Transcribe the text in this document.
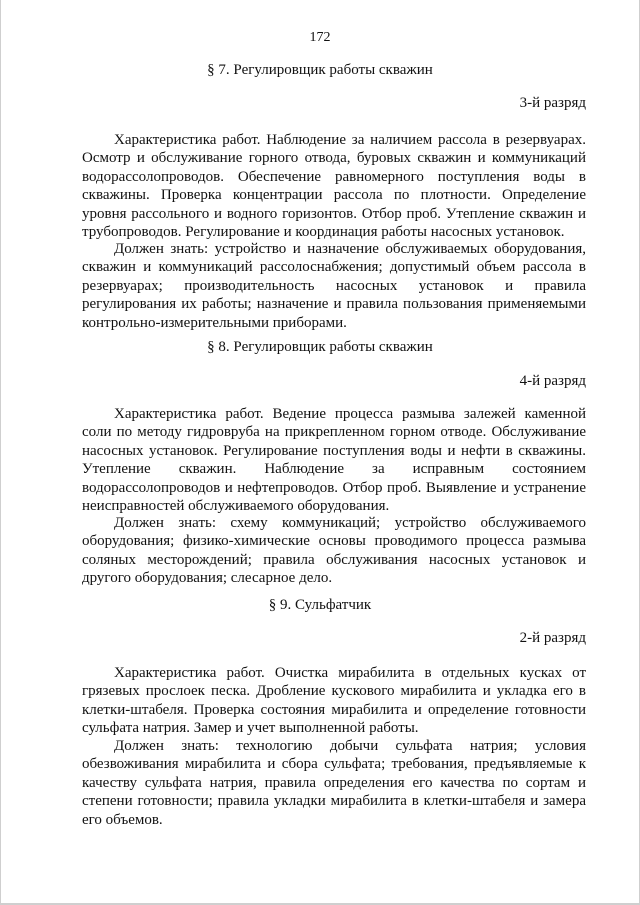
172
§ 7. Регулировщик работы скважин
3-й разряд

Характеристика работ. Наблюдение за наличием рассола в резервуарах. Осмотр и обслуживание горного отвода, буровых скважин и коммуникаций водорассолопроводов. Обеспечение равномерного поступления воды в скважины. Проверка концентрации рассола по плотности. Определение уровня рассольного и водного горизонтов. Отбор проб. Утепление скважин и трубопроводов. Регулирование и координация работы насосных установок.

Должен знать: устройство и назначение обслуживаемых оборудования, скважин и коммуникаций рассолоснабжения; допустимый объем рассола в резервуарах; производительность насосных установок и правила регулирования их работы; назначение и правила пользования применяемыми контрольно-измерительными приборами.

§ 8. Регулировщик работы скважин
4-й разряд

Характеристика работ. Ведение процесса размыва залежей каменной соли по методу гидроврубa на прикрепленном горном отводе. Обслуживание насосных установок. Регулирование поступления воды и нефти в скважины. Утепление скважин. Наблюдение за исправным состоянием водорассолопроводов и нефтепроводов. Отбор проб. Выявление и устранение неисправностей обслуживаемого оборудования.

Должен знать: схему коммуникаций; устройство обслуживаемого оборудования; физико-химические основы проводимого процесса размыва соляных месторождений; правила обслуживания насосных установок и другого оборудования; слесарное дело.

§ 9. Сульфатчик
2-й разряд

Характеристика работ. Очистка мирабилита в отдельных кусках от грязевых прослоек песка. Дробление кускового мирабилита и укладка его в клетки-штабеля. Проверка состояния мирабилита и определение готовности сульфата натрия. Замер и учет выполненной работы.

Должен знать: технологию добычи сульфата натрия; условия обезвоживания мирабилита и сбора сульфата; требования, предъявляемые к качеству сульфата натрия, правила определения его качества по сортам и степени готовности; правила укладки мирабилита в клетки-штабеля и замера его объемов.
